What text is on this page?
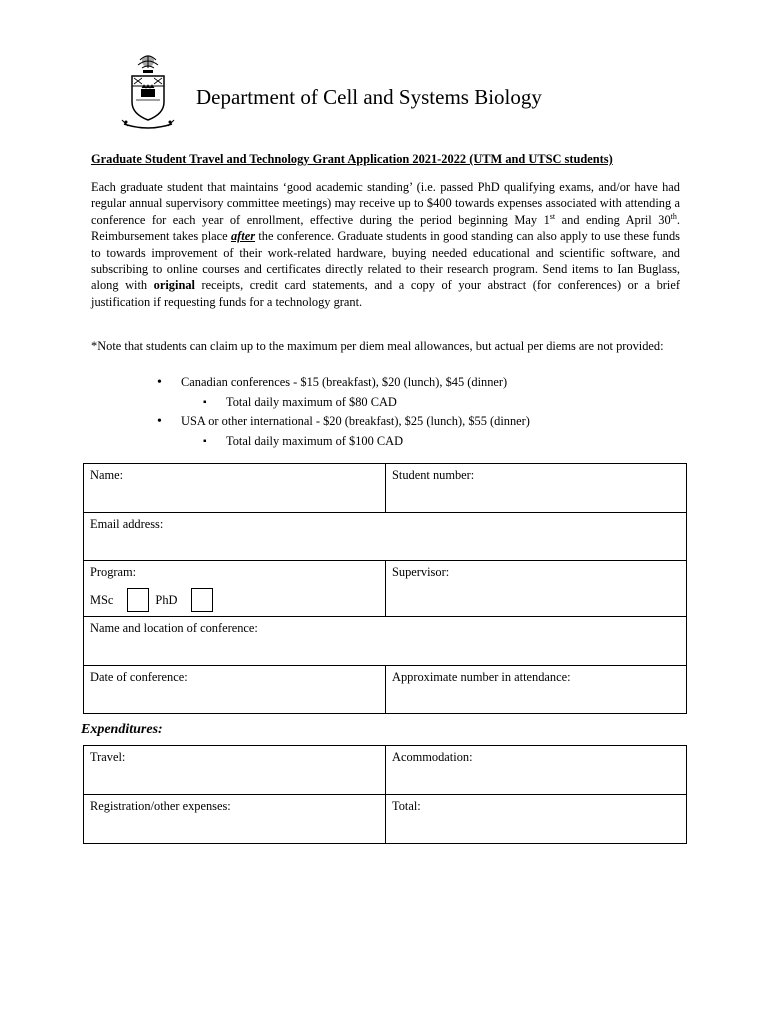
Department of Cell and Systems Biology
Graduate Student Travel and Technology Grant Application 2021-2022 (UTM and UTSC students)

Each graduate student that maintains ‘good academic standing’ (i.e. passed PhD qualifying exams, and/or have had regular annual supervisory committee meetings) may receive up to $400 towards expenses associated with attending a conference for each year of enrollment, effective during the period beginning May 1st and ending April 30th. Reimbursement takes place after the conference. Graduate students in good standing can also apply to use these funds to towards improvement of their work-related hardware, buying needed educational and scientific software, and subscribing to online courses and certificates directly related to their research program. Send items to Ian Buglass, along with original receipts, credit card statements, and a copy of your abstract (for conferences) or a brief justification if requesting funds for a technology grant.

*Note that students can claim up to the maximum per diem meal allowances, but actual per diems are not provided:

• Canadian conferences - $15 (breakfast), $20 (lunch), $45 (dinner)
▪ Total daily maximum of $80 CAD
• USA or other international - $20 (breakfast), $25 (lunch), $55 (dinner)
▪ Total daily maximum of $100 CAD
Name:	Student number:
Email address:	

Program:
MSc PhD	Supervisor:
Name and location of conference:	
Date of conference:	Approximate number in attendance:
Expenditures:
Travel:	Acommodation:
Registration/other expenses:	Total:
